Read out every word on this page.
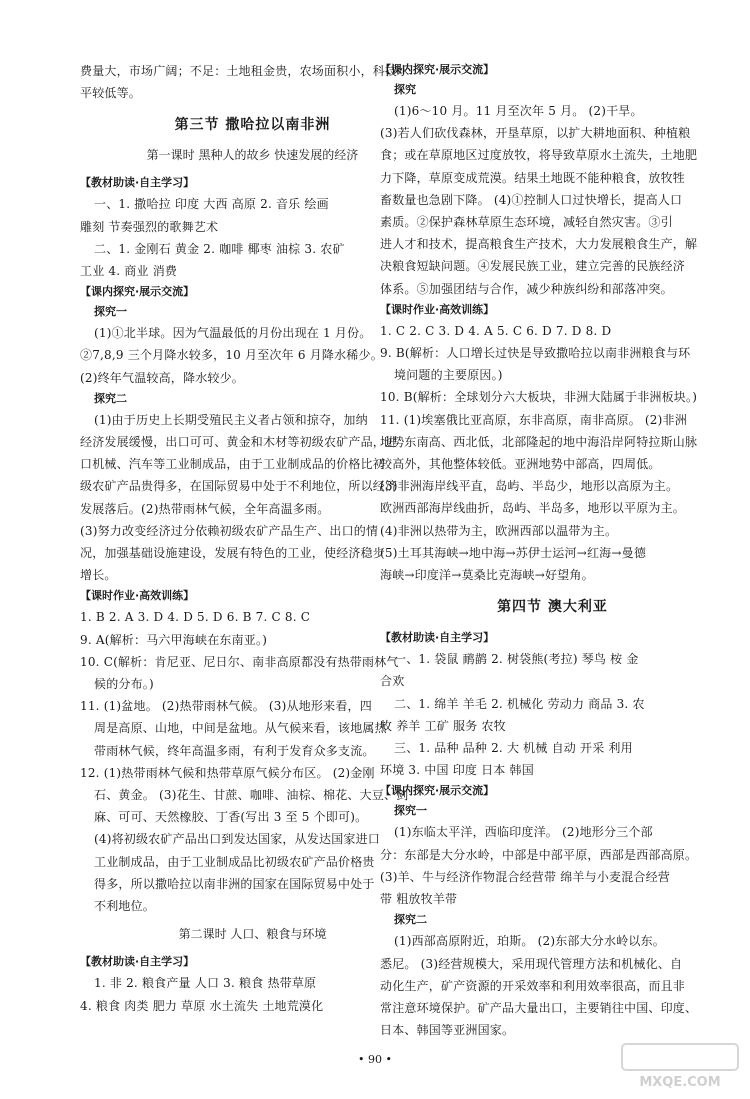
费量大，市场广阔；不足：土地租金贵，农场面积小，科技水

平较低等。

第三节 撒哈拉以南非洲
第一课时 黑种人的故乡 快速发展的经济

【教材助读·自主学习】

一、1. 撒哈拉 印度 大西 高原 2. 音乐 绘画

雕刻 节奏强烈的歌舞艺术

二、1. 金刚石 黄金 2. 咖啡 椰枣 油棕 3. 农矿

工业 4. 商业 消费

【课内探究·展示交流】

探究一

(1)①北半球。因为气温最低的月份出现在 1 月份。

②7,8,9 三个月降水较多，10 月至次年 6 月降水稀少。

(2)终年气温较高，降水较少。

探究二

(1)由于历史上长期受殖民主义者占领和掠夺，加纳

经济发展缓慢，出口可可、黄金和木材等初级农矿产品，进

口机械、汽车等工业制成品，由于工业制成品的价格比初

级农矿产品贵得多，在国际贸易中处于不利地位，所以经济

发展落后。(2)热带雨林气候，全年高温多雨。

(3)努力改变经济过分依赖初级农矿产品生产、出口的情

况，加强基础设施建设，发展有特色的工业，使经济稳步

增长。

【课时作业·高效训练】

1. B 2. A 3. D 4. D 5. D 6. B 7. C 8. C

9. A(解析：马六甲海峡在东南亚。)

10. C(解析：肯尼亚、尼日尔、南非高原都没有热带雨林气

候的分布。)

11. (1)盆地。 (2)热带雨林气候。 (3)从地形来看，四

周是高原、山地，中间是盆地。从气候来看，该地属热

带雨林气候，终年高温多雨，有利于发育众多支流。

12. (1)热带雨林气候和热带草原气候分布区。 (2)金刚

石、黄金。 (3)花生、甘蔗、咖啡、油棕、棉花、大豆、剑

麻、可可、天然橡胶、丁香(写出 3 至 5 个即可)。

(4)将初级农矿产品出口到发达国家，从发达国家进口

工业制成品，由于工业制成品比初级农矿产品价格贵

得多，所以撒哈拉以南非洲的国家在国际贸易中处于

不利地位。

第二课时 人口、粮食与环境

【教材助读·自主学习】

1. 非 2. 粮食产量 人口 3. 粮食 热带草原

4. 粮食 肉类 肥力 草原 水土流失 土地荒漠化

【课内探究·展示交流】

探究

(1)6～10 月。11 月至次年 5 月。 (2)干旱。

(3)若人们砍伐森林，开垦草原，以扩大耕地面积、种植粮

食；或在草原地区过度放牧，将导致草原水土流失，土地肥

力下降，草原变成荒漠。结果土地既不能种粮食，放牧牲

畜数量也急剧下降。 (4)①控制人口过快增长，提高人口

素质。②保护森林草原生态环境，减轻自然灾害。③引

进人才和技术，提高粮食生产技术，大力发展粮食生产，解

决粮食短缺问题。④发展民族工业，建立完善的民族经济

体系。⑤加强团结与合作，减少种族纠纷和部落冲突。

【课时作业·高效训练】

1. C 2. C 3. D 4. A 5. C 6. D 7. D 8. D

9. B(解析：人口增长过快是导致撒哈拉以南非洲粮食与环

境问题的主要原因。)

10. B(解析：全球划分六大板块，非洲大陆属于非洲板块。)

11. (1)埃塞俄比亚高原，东非高原，南非高原。 (2)非洲

地势东南高、西北低，北部隆起的地中海沿岸阿特拉斯山脉

较高外，其他整体较低。亚洲地势中部高，四周低。

(3)非洲海岸线平直，岛屿、半岛少，地形以高原为主。

欧洲西部海岸线曲折，岛屿、半岛多，地形以平原为主。

(4)非洲以热带为主，欧洲西部以温带为主。

(5)土耳其海峡→地中海→苏伊士运河→红海→曼德

海峡→印度洋→莫桑比克海峡→好望角。

第四节 澳大利亚

【教材助读·自主学习】

一、1. 袋鼠 鸸鹋 2. 树袋熊(考拉) 琴鸟 桉 金

合欢

二、1. 绵羊 羊毛 2. 机械化 劳动力 商品 3. 农

牧 养羊 工矿 服务 农牧

三、1. 品种 品种 2. 大 机械 自动 开采 利用

环境 3. 中国 印度 日本 韩国

【课内探究·展示交流】

探究一

(1)东临太平洋，西临印度洋。 (2)地形分三个部

分：东部是大分水岭，中部是中部平原，西部是西部高原。

(3)羊、牛与经济作物混合经营带 绵羊与小麦混合经营

带 粗放牧羊带

探究二

(1)西部高原附近，珀斯。 (2)东部大分水岭以东。

悉尼。 (3)经营规模大，采用现代管理方法和机械化、自

动化生产，矿产资源的开采效率和利用效率很高，而且非

常注意环境保护。矿产品大量出口，主要销往中国、印度、

日本、韩国等亚洲国家。

• 90 •
MXQE.COM
